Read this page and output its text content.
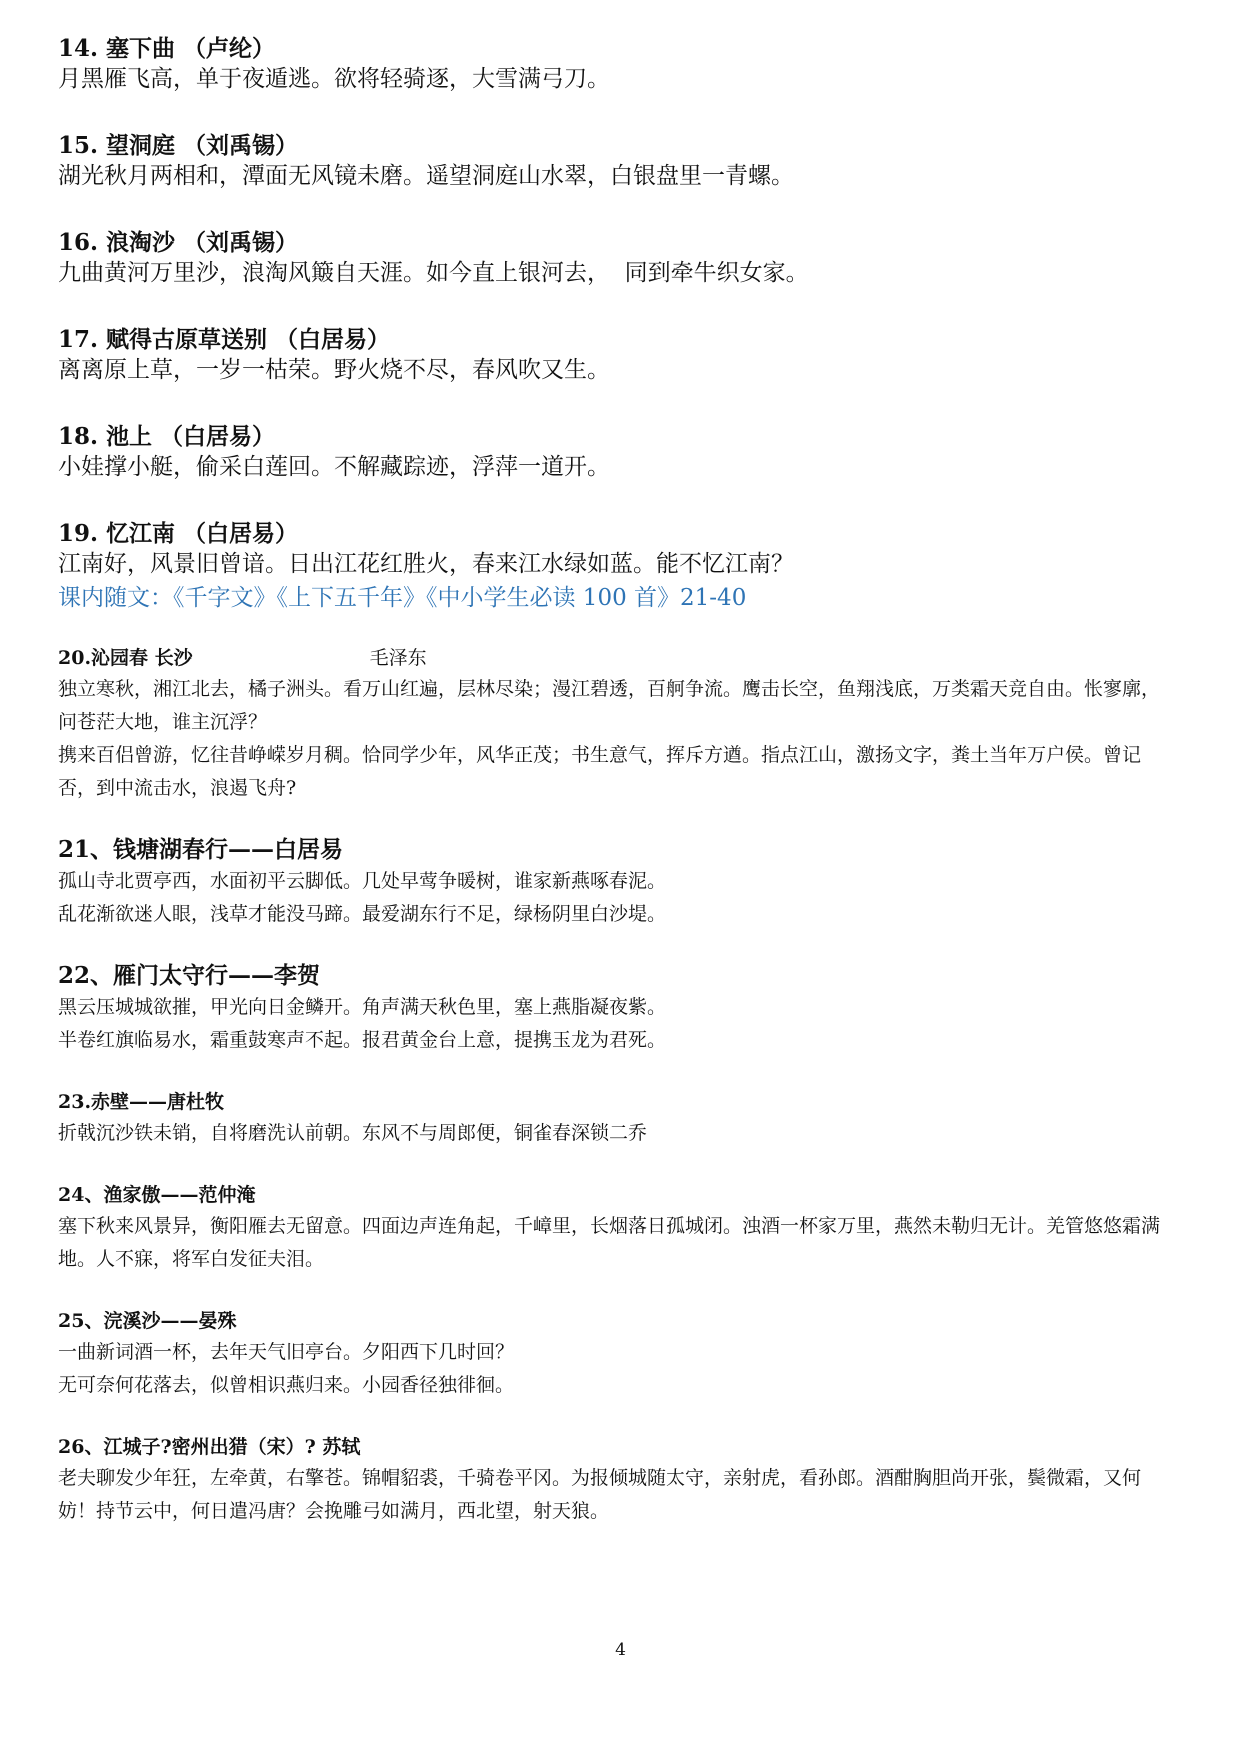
14. 塞下曲 （卢纶）
月黑雁飞高，单于夜遁逃。欲将轻骑逐，大雪满弓刀。
15. 望洞庭 （刘禹锡）
湖光秋月两相和，潭面无风镜未磨。遥望洞庭山水翠，白银盘里一青螺。
16. 浪淘沙 （刘禹锡）
九曲黄河万里沙，浪淘风簸自天涯。如今直上银河去，  同到牵牛织女家。
17. 赋得古原草送别 （白居易）
离离原上草，一岁一枯荣。野火烧不尽，春风吹又生。
18. 池上 （白居易）
小娃撑小艇，偷采白莲回。不解藏踪迹，浮萍一道开。
19. 忆江南 （白居易）
江南好，风景旧曾谙。日出江花红胜火，春来江水绿如蓝。能不忆江南？
课内随文：《千字文》《上下五千年》《中小学生必读 100 首》21-40
20.沁园春 长沙	毛泽东
独立寒秋，湘江北去，橘子洲头。看万山红遍，层林尽染；漫江碧透，百舸争流。鹰击长空，鱼翔浅底，万类霜天竞自由。怅寥廓，问苍茫大地，谁主沉浮？
携来百侣曾游，忆往昔峥嵘岁月稠。恰同学少年，风华正茂；书生意气，挥斥方遒。指点江山，激扬文字，粪土当年万户侯。曾记否，到中流击水，浪遏飞舟?
21、钱塘湖春行——白居易
孤山寺北贾亭西，水面初平云脚低。几处早莺争暖树，谁家新燕啄春泥。
乱花渐欲迷人眼，浅草才能没马蹄。最爱湖东行不足，绿杨阴里白沙堤。
22、雁门太守行——李贺
黑云压城城欲摧，甲光向日金鳞开。角声满天秋色里，塞上燕脂凝夜紫。
半卷红旗临易水，霜重鼓寒声不起。报君黄金台上意，提携玉龙为君死。
23.赤壁——唐杜牧
折戟沉沙铁未销，自将磨洗认前朝。东风不与周郎便，铜雀春深锁二乔
24、渔家傲——范仲淹
塞下秋来风景异，衡阳雁去无留意。四面边声连角起，千嶂里，长烟落日孤城闭。浊酒一杯家万里，燕然未勒归无计。羌管悠悠霜满地。人不寐，将军白发征夫泪。
25、浣溪沙——晏殊
一曲新词酒一杯，去年天气旧亭台。夕阳西下几时回？
无可奈何花落去，似曾相识燕归来。小园香径独徘徊。
26、江城子?密州出猎（宋）? 苏轼
老夫聊发少年狂，左牵黄，右擎苍。锦帽貂裘，千骑卷平冈。为报倾城随太守，亲射虎，看孙郎。酒酣胸胆尚开张，鬓微霜，又何妨！持节云中，何日遣冯唐？会挽雕弓如满月，西北望，射天狼。
4
